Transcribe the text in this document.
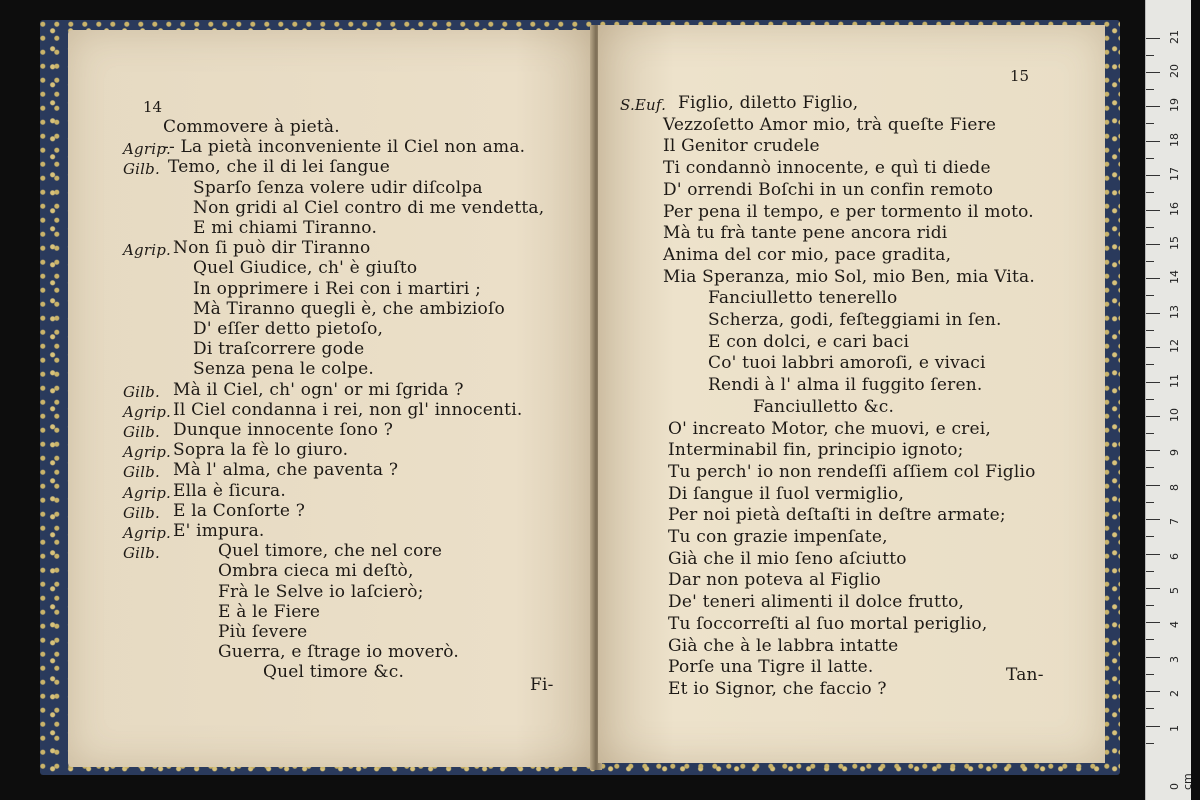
14
Commovere à pietà.
Agrip.
-- La pietà inconveniente il Ciel non ama.
Gilb. Temo, che il di lei ſangue
Sparſo ſenza volere udir diſcolpa
Non gridi al Ciel contro di me vendetta,
E mi chiami Tiranno.
Agrip. Non ſi può dir Tiranno
Quel Giudice, ch' è giuſto
In opprimere i Rei con i martiri ;
Mà Tiranno quegli è, che ambizioſo
D' eſſer detto pietoſo,
Di traſcorrere gode
Senza pena le colpe.
Gilb. Mà il Ciel, ch' ogn' or mi ſgrida ?
Agrip. Il Ciel condanna i rei, non gl' innocenti.
Gilb. Dunque innocente ſono ?
Agrip. Sopra la fè lo giuro.
Gilb. Mà l' alma, che paventa ?
Agrip. Ella è ſicura.
Gilb. E la Conſorte ?
Agrip. E' impura.
Gilb.	Quel timore, che nel core
Ombra cieca mi deſtò,
Frà le Selve io laſcierò;
E à le Fiere
Più ſevere
Guerra, e ſtrage io moverò.
Quel timore &c.
Fi-
15
S.Euf. Figlio, diletto Figlio,
Vezzoſetto Amor mio, trà queſte Fiere
Il Genitor crudele
Ti condannò innocente, e quì ti diede
D' orrendi Boſchi in un confin remoto
Per pena il tempo, e per tormento il moto.
Mà tu frà tante pene ancora ridi
Anima del cor mio, pace gradita,
Mia Speranza, mio Sol, mio Ben, mia Vita.
Fanciulletto tenerello
Scherza, godi, feſteggiami in ſen.
E con dolci, e cari baci
Co' tuoi labbri amoroſi, e vivaci
Rendi à l' alma il fuggito ſeren.
Fanciulletto &c.
O' increato Motor, che muovi, e crei,
Interminabil fin, principio ignoto;
Tu perch' io non rendeſſi aſſiem col Figlio
Di ſangue il ſuol vermiglio,
Per noi pietà deſtaſti in deſtre armate;
Tu con grazie impenſate,
Già che il mio ſeno aſciutto
Dar non poteva al Figlio
De' teneri alimenti il dolce frutto,
Tu ſoccorreſti al ſuo mortal periglio,
Già che à le labbra intatte
Porſe una Tigre il latte.
Et io Signor, che faccio ?
Tan-
1
2
3
4
5
6
7
8
9
10
11
12
13
14
15
16
17
18
19
20
21
0 cm
